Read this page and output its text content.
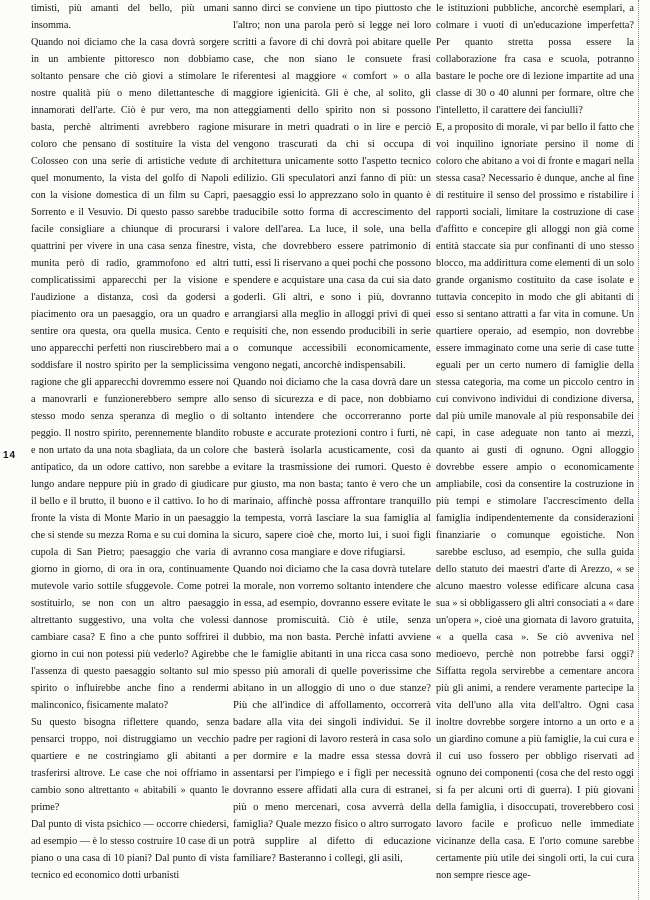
14

timisti, più amanti del bello, più umani insomma.

Quando noi diciamo che la casa dovrà sorgere in un ambiente pittoresco non dobbiamo soltanto pensare che ciò giovi a stimolare le nostre qualità più o meno dilettantesche di innamorati dell'arte. Ciò è pur vero, ma non basta, perchè altrimenti avrebbero ragione coloro che pensano di sostituire la vista del Colosseo con una serie di artistiche vedute di quel monumento, la vista del golfo di Napoli con la visione domestica di un film su Capri, Sorrento e il Vesuvio. Di questo passo sarebbe facile consigliare a chiunque di procurarsi i quattrini per vivere in una casa senza finestre, munita però di radio, grammofono ed altri complicatissimi apparecchi per la visione e l'audizione a distanza, così da godersi a piacimento ora un paesaggio, ora un quadro e sentire ora questa, ora quella musica. Cento e uno apparecchi perfetti non riuscirebbero mai a soddisfare il nostro spirito per la semplicissima ragione che gli apparecchi dovremmo essere noi a manovrarli e funzionerebbero sempre allo stesso modo senza speranza di meglio o di peggio. Il nostro spirito, perennemente blandito e non urtato da una nota sbagliata, da un colore antipatico, da un odore cattivo, non sarebbe a lungo andare neppure più in grado di giudicare il bello e il brutto, il buono e il cattivo. Io ho di fronte la vista di Monte Mario in un paesaggio che si stende su mezza Roma e su cui domina la cupola di San Pietro; paesaggio che varia di giorno in giorno, di ora in ora, continuamente mutevole vario sottile sfuggevole. Come potrei sostituirlo, se non con un altro paesaggio altrettanto suggestivo, una volta che volessi cambiare casa? E fino a che punto soffrirei il giorno in cui non potessi più vederlo? Agirebbe l'assenza di questo paesaggio soltanto sul mio spirito o influirebbe anche fino a rendermi malinconico, fisicamente malato?

Su questo bisogna riflettere quando, senza pensarci troppo, noi distruggiamo un vecchio quartiere e ne costringiamo gli abitanti a trasferirsi altrove. Le case che noi offriamo in cambio sono altrettanto « abitabili » quanto le prime?

Dal punto di vista psichico — occorre chiedersi, ad esempio — è lo stesso costruire 10 case di un piano o una casa di 10 piani? Dal punto di vista tecnico ed economico dotti urbanisti

sanno dirci se conviene un tipo piuttosto che l'altro; non una parola però si legge nei loro scritti a favore di chi dovrà poi abitare quelle case, che non siano le consuete frasi riferentesi al maggiore « comfort » o alla maggiore igienicità. Gli è che, al solito, gli atteggiamenti dello spirito non si possono misurare in metri quadrati o in lire e perciò vengono trascurati da chi si occupa di architettura unicamente sotto l'aspetto tecnico edilizio. Gli speculatori anzi fanno di più: un paesaggio essi lo apprezzano solo in quanto è traducibile sotto forma di accrescimento del valore dell'area. La luce, il sole, una bella vista, che dovrebbero essere patrimonio di tutti, essi li riservano a quei pochi che possono spendere e acquistare una casa da cui sia dato goderli. Gli altri, e sono i più, dovranno arrangiarsi alla meglio in alloggi privi di quei requisiti che, non essendo producibili in serie o comunque accessibili economicamente, vengono negati, ancorchè indispensabili.

Quando noi diciamo che la casa dovrà dare un senso di sicurezza e di pace, non dobbiamo soltanto intendere che occorreranno porte robuste e accurate protezioni contro i furti, nè che basterà isolarla acusticamente, così da evitare la trasmissione dei rumori. Questo è pur giusto, ma non basta; tanto è vero che un marinaio, affinchè possa affrontare tranquillo la tempesta, vorrà lasciare la sua famiglia al sicuro, sapere cioè che, morto lui, i suoi figli avranno cosa mangiare e dove rifugiarsi.

Quando noi diciamo che la casa dovrà tutelare la morale, non vorremo soltanto intendere che in essa, ad esempio, dovranno essere evitate le dannose promiscuità. Ciò è utile, senza dubbio, ma non basta. Perchè infatti avviene che le famiglie abitanti in una ricca casa sono spesso più amorali di quelle poverissime che abitano in un alloggio di uno o due stanze? Più che all'indice di affollamento, occorrerà badare alla vita dei singoli individui. Se il padre per ragioni di lavoro resterà in casa solo per dormire e la madre essa stessa dovrà assentarsi per l'impiego e i figli per necessità dovranno essere affidati alla cura di estranei, più o meno mercenari, cosa avverrà della famiglia? Quale mezzo fisico o altro surrogato potrà supplire al difetto di educazione familiare? Basteranno i collegi, gli asili,

le istituzioni pubbliche, ancorchè esemplari, a colmare i vuoti di un'educazione imperfetta? Per quanto stretta possa essere la collaborazione fra casa e scuola, potranno bastare le poche ore di lezione impartite ad una classe di 30 o 40 alunni per formare, oltre che l'intelletto, il carattere dei fanciulli?

E, a proposito di morale, vi par bello il fatto che voi inquilino ignoriate persino il nome di coloro che abitano a voi di fronte e magari nella stessa casa? Necessario è dunque, anche al fine di restituire il senso del prossimo e ristabilire i rapporti sociali, limitare la costruzione di case d'affitto e concepire gli alloggi non già come entità staccate sia pur confinanti di uno stesso blocco, ma addirittura come elementi di un solo grande organismo costituito da case isolate e tuttavia concepito in modo che gli abitanti di esso si sentano attratti a far vita in comune. Un quartiere operaio, ad esempio, non dovrebbe essere immaginato come una serie di case tutte eguali per un certo numero di famiglie della stessa categoria, ma come un piccolo centro in cui convivono individui di condizione diversa, dal più umile manovale al più responsabile dei capi, in case adeguate non tanto ai mezzi, quanto ai gusti di ognuno. Ogni alloggio dovrebbe essere ampio o economicamente ampliabile, così da consentire la costruzione in più tempi e stimolare l'accrescimento della famiglia indipendentemente da considerazioni finanziarie o comunque egoistiche. Non sarebbe escluso, ad esempio, che sulla guida dello statuto dei maestri d'arte di Arezzo, « se alcuno maestro volesse edificare alcuna casa sua » si obbligassero gli altri consociati a « dare un'opera », cioè una giornata di lavoro gratuita, « a quella casa ». Se ciò avveniva nel medioevo, perchè non potrebbe farsi oggi? Siffatta regola servirebbe a cementare ancora più gli animi, a rendere veramente partecipe la vita dell'uno alla vita dell'altro. Ogni casa inoltre dovrebbe sorgere intorno a un orto e a un giardino comune a più famiglie, la cui cura e il cui uso fossero per obbligo riservati ad ognuno dei componenti (cosa che del resto oggi si fa per alcuni orti di guerra). I più giovani della famiglia, i disoccupati, troverebbero così lavoro facile e proficuo nelle immediate vicinanze della casa. E l'orto comune sarebbe certamente più utile dei singoli orti, la cui cura non sempre riesce age-
